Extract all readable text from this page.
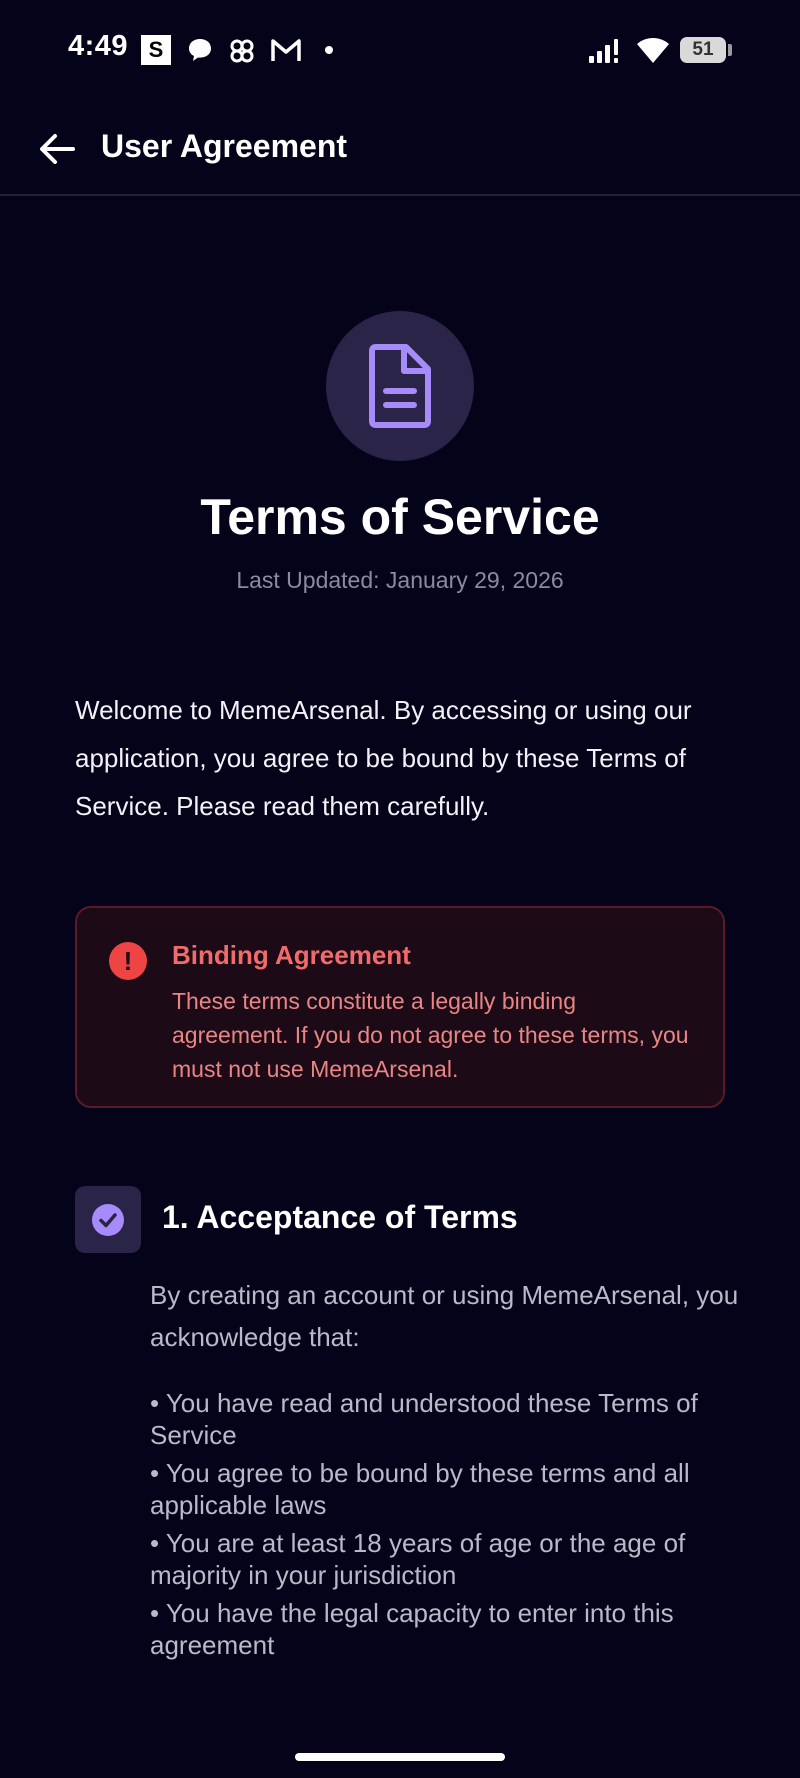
4:49 S	51
User Agreement
Terms of Service
Last Updated: January 29, 2026
Welcome to MemeArsenal. By accessing or using our application, you agree to be bound by these Terms of Service. Please read them carefully.
!	Binding Agreement
These terms constitute a legally binding agreement. If you do not agree to these terms, you must not use MemeArsenal.
1. Acceptance of Terms
By creating an account or using MemeArsenal, you acknowledge that:
• You have read and understood these Terms of Service
• You agree to be bound by these terms and all applicable laws
• You are at least 18 years of age or the age of majority in your jurisdiction
• You have the legal capacity to enter into this agreement
